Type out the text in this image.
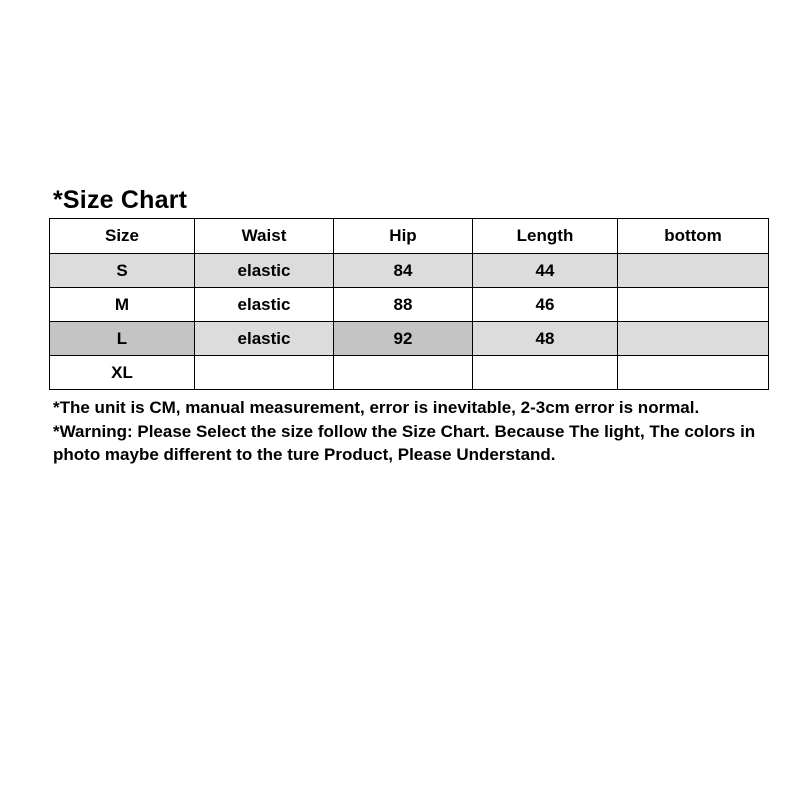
*Size Chart
Size	Waist	Hip	Length	bottom
S	elastic	84	44	
M	elastic	88	46	
L	elastic	92	48	
XL				
*The unit is CM, manual measurement, error is inevitable, 2-3cm error is normal. *Warning: Please Select the size follow the Size Chart. Because The light, The colors in photo maybe different to the ture Product, Please Understand.
